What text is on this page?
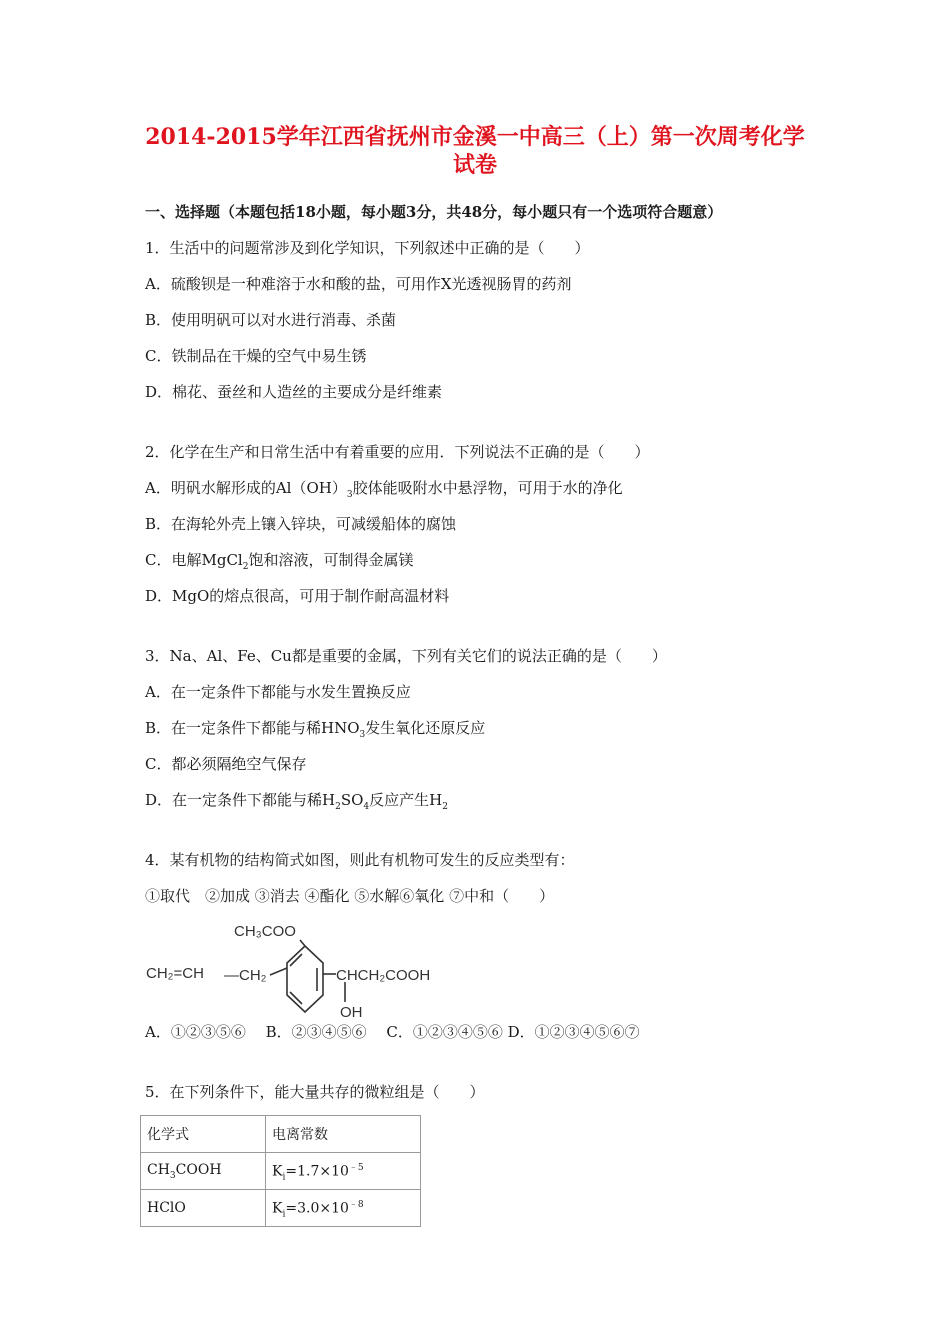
2014-2015学年江西省抚州市金溪一中高三（上）第一次周考化学
试卷
一、选择题（本题包括18小题，每小题3分，共48分，每小题只有一个选项符合题意）
1．生活中的问题常涉及到化学知识，下列叙述中正确的是（　　）
A．硫酸钡是一种难溶于水和酸的盐，可用作X光透视肠胃的药剂
B．使用明矾可以对水进行消毒、杀菌
C．铁制品在干燥的空气中易生锈
D．棉花、蚕丝和人造丝的主要成分是纤维素
2．化学在生产和日常生活中有着重要的应用．下列说法不正确的是（　　）
A．明矾水解形成的$Al(OH)_3$胶体能吸附水中悬浮物，可用于水的净化
B．在海轮外壳上镶入锌块，可减缓船体的腐蚀
C．电解MgCl$_2$饱和溶液，可制得金属镁
D．MgO的熔点很高，可用于制作耐高温材料
3．Na、Al、Fe、Cu都是重要的金属，下列有关它们的说法正确的是（　　）
A．在一定条件下都能与水发生置换反应
B．在一定条件下都能与稀$HNO_3$发生氧化还原反应
C．都必须隔绝空气保存
D．在一定条件下都能与稀$H_2SO_4$反应产生$H_2$
4．某有机物的结构简式如图，则此有机物可发生的反应类型有：
①取代　②加成 ③消去 ④酯化 ⑤水解⑥氧化 ⑦中和（　　）
CH₃COO
CH₂=CH —CH₂	CHCH₂COOH
OH
A．①②③⑤⑥　 B．②③④⑤⑥　 C．①②③④⑤⑥ D．①②③④⑤⑥⑦
5．在下列条件下，能大量共存的微粒组是（　　）
化学式	电离常数
$CH_3COOH$	$K_i=1.7\times 10^{﹣5}$
HClO	$K_i=3.0\times 10^{﹣8}$
